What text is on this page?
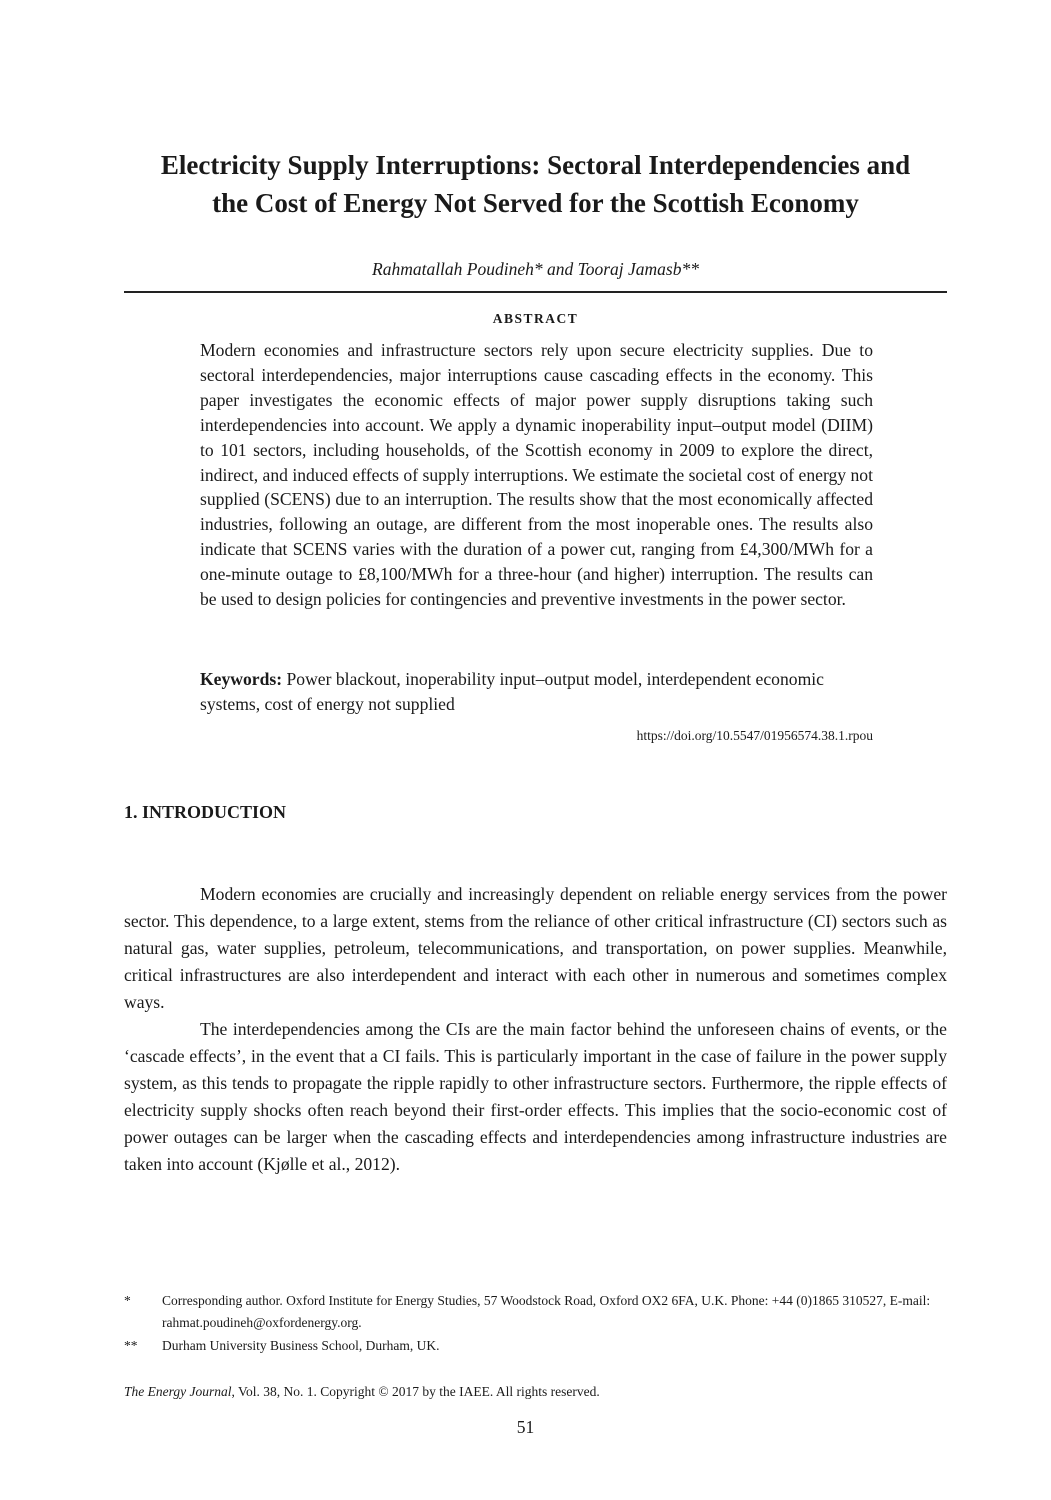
Electricity Supply Interruptions: Sectoral Interdependencies and
the Cost of Energy Not Served for the Scottish Economy
Rahmatallah Poudineh* and Tooraj Jamasb**
ABSTRACT

Modern economies and infrastructure sectors rely upon secure electricity supplies. Due to sectoral interdependencies, major interruptions cause cascading effects in the economy. This paper investigates the economic effects of major power supply disruptions taking such interdependencies into account. We apply a dynamic inoperability input–output model (DIIM) to 101 sectors, including households, of the Scottish economy in 2009 to explore the direct, indirect, and induced effects of supply interruptions. We estimate the societal cost of energy not supplied (SCENS) due to an interruption. The results show that the most economically affected industries, following an outage, are different from the most inoperable ones. The results also indicate that SCENS varies with the duration of a power cut, ranging from £4,300/MWh for a one-minute outage to £8,100/MWh for a three-hour (and higher) interruption. The results can be used to design policies for contingencies and preventive investments in the power sector.

Keywords: Power blackout, inoperability input–output model, interdependent economic systems, cost of energy not supplied

https://doi.org/10.5547/01956574.38.1.rpou
1. INTRODUCTION

Modern economies are crucially and increasingly dependent on reliable energy services from the power sector. This dependence, to a large extent, stems from the reliance of other critical infrastructure (CI) sectors such as natural gas, water supplies, petroleum, telecommunications, and transportation, on power supplies. Meanwhile, critical infrastructures are also interdependent and interact with each other in numerous and sometimes complex ways.

The interdependencies among the CIs are the main factor behind the unforeseen chains of events, or the ‘cascade effects’, in the event that a CI fails. This is particularly important in the case of failure in the power supply system, as this tends to propagate the ripple rapidly to other infrastructure sectors. Furthermore, the ripple effects of electricity supply shocks often reach beyond their first-order effects. This implies that the socio-economic cost of power outages can be larger when the cascading effects and interdependencies among infrastructure industries are taken into account (Kjølle et al., 2012).

* Corresponding author. Oxford Institute for Energy Studies, 57 Woodstock Road, Oxford OX2 6FA, U.K. Phone: +44 (0)1865 310527, E-mail: rahmat.poudineh@oxfordenergy.org.
** Durham University Business School, Durham, UK.
The Energy Journal, Vol. 38, No. 1. Copyright © 2017 by the IAEE. All rights reserved.
51
